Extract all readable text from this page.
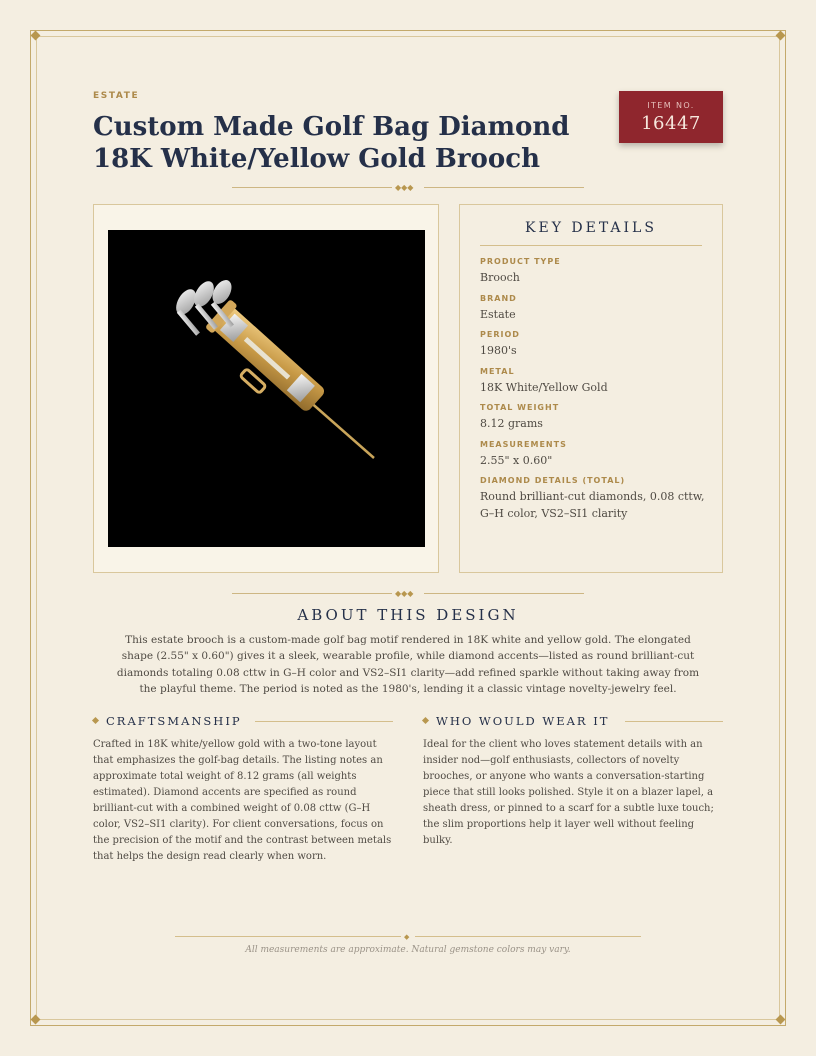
ESTATE
Custom Made Golf Bag Diamond 18K White/Yellow Gold Brooch
ITEM NO.
16447
◆◆◆
KEY DETAILS
PRODUCT TYPE
Brooch
BRAND
Estate
PERIOD
1980's
METAL
18K White/Yellow Gold
TOTAL WEIGHT
8.12 grams
MEASUREMENTS
2.55" x 0.60"
DIAMOND DETAILS (TOTAL)
Round brilliant-cut diamonds, 0.08 cttw, G–H color, VS2–SI1 clarity
◆◆◆
ABOUT THIS DESIGN

This estate brooch is a custom-made golf bag motif rendered in 18K white and yellow gold. The elongated shape (2.55" x 0.60") gives it a sleek, wearable profile, while diamond accents—listed as round brilliant-cut diamonds totaling 0.08 cttw in G–H color and VS2–SI1 clarity—add refined sparkle without taking away from the playful theme. The period is noted as the 1980's, lending it a classic vintage novelty-jewelry feel.

CRAFTSMANSHIP

Crafted in 18K white/yellow gold with a two-tone layout that emphasizes the golf-bag details. The listing notes an approximate total weight of 8.12 grams (all weights estimated). Diamond accents are specified as round brilliant-cut with a combined weight of 0.08 cttw (G–H color, VS2–SI1 clarity). For client conversations, focus on the precision of the motif and the contrast between metals that helps the design read clearly when worn.

WHO WOULD WEAR IT

Ideal for the client who loves statement details with an insider nod—golf enthusiasts, collectors of novelty brooches, or anyone who wants a conversation-starting piece that still looks polished. Style it on a blazer lapel, a sheath dress, or pinned to a scarf for a subtle luxe touch; the slim proportions help it layer well without feeling bulky.

◆
All measurements are approximate. Natural gemstone colors may vary.
